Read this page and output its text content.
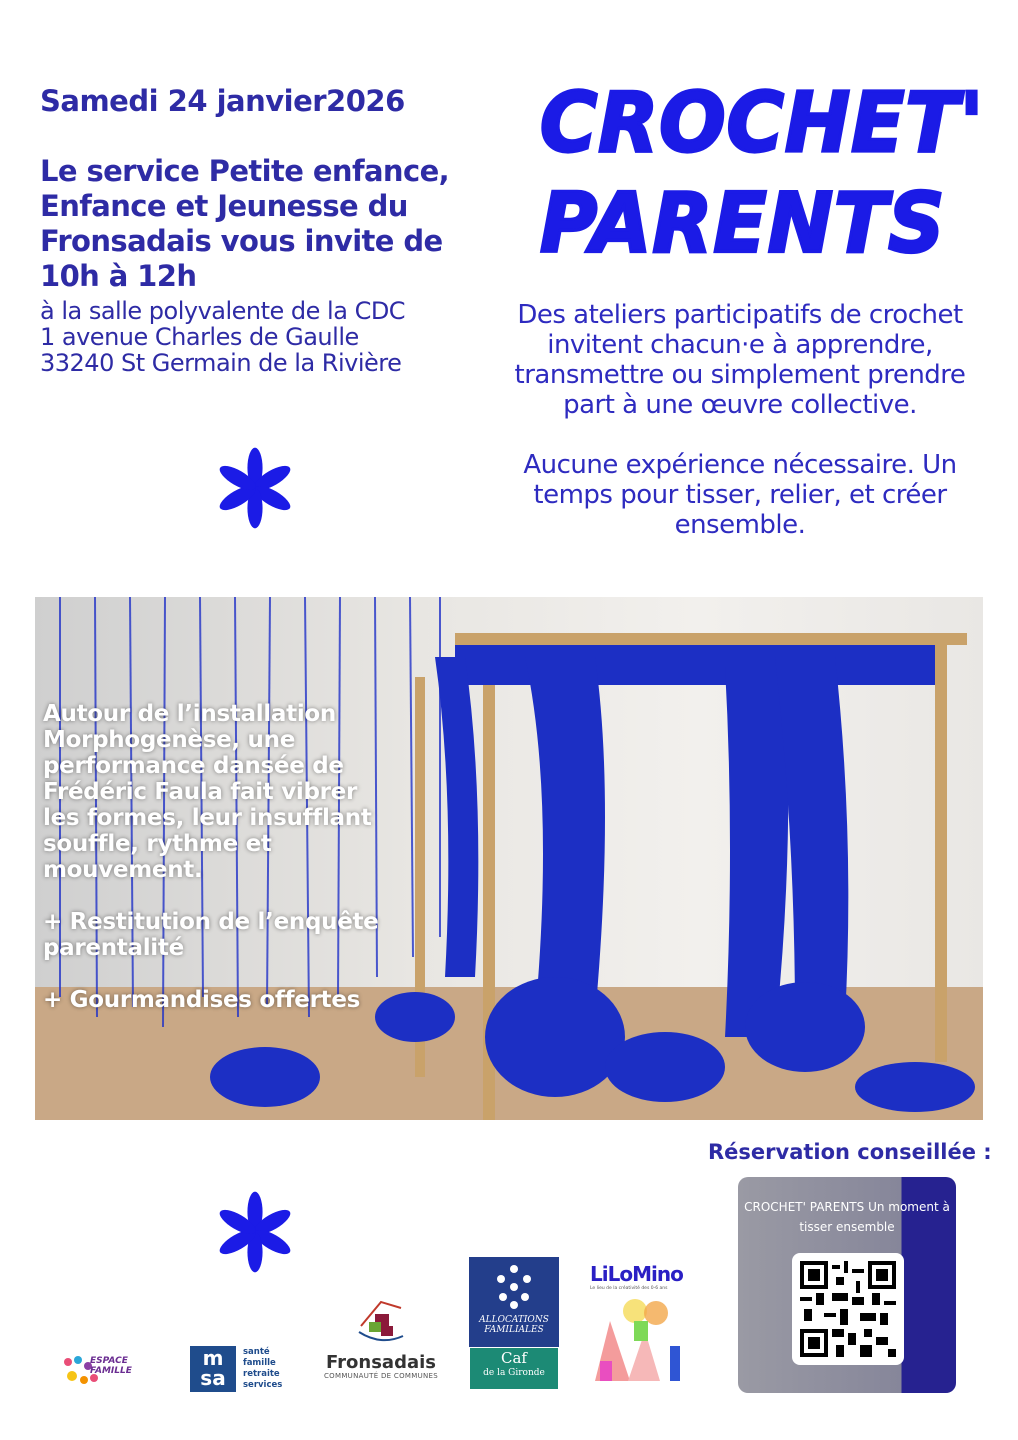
Samedi 24 janvier2026
Le service Petite enfance, Enfance et Jeunesse du Fronsadais vous invite de 10h à 12h
à la salle polyvalente de la CDC
1 avenue Charles de Gaulle
33240 St Germain de la Rivière
CROCHET'
PARENTS

Des ateliers participatifs de crochet invitent chacun·e à apprendre, transmettre ou simplement prendre part à une œuvre collective.

Aucune expérience nécessaire. Un temps pour tisser, relier, et créer ensemble.

Autour de l’installation Morphogenèse, une performance dansée de Frédéric Faula fait vibrer les formes, leur insufflant souffle, rythme et mouvement.

+ Restitution de l’enquête parentalité

+ Gourmandises offertes

Réservation conseillée :
CROCHET' PARENTS Un moment à tisser ensemble
ESPACE FAMILLE
m
sa
santé
famille
retraite
services
Fronsadais
COMMUNAUTÉ DE COMMUNES
ALLOCATIONS FAMILIALES
Caf
de la Gironde
LiLoMino
Le lieu de la créativité des 0-6 ans
